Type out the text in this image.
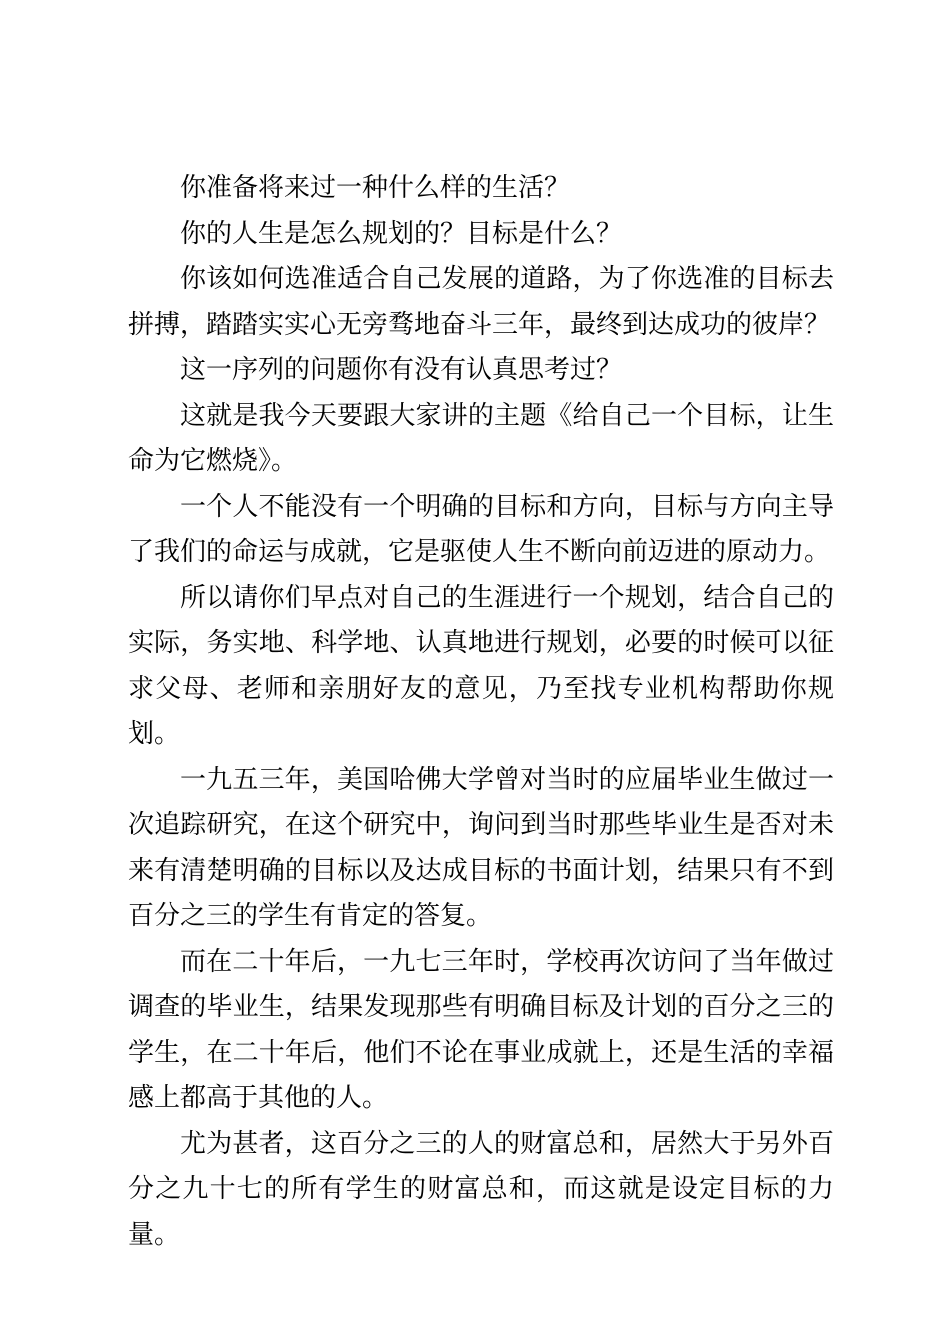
你准备将来过一种什么样的生活？

你的人生是怎么规划的？目标是什么？

你该如何选准适合自己发展的道路，为了你选准的目标去拼搏，踏踏实实心无旁骛地奋斗三年，最终到达成功的彼岸？

这一序列的问题你有没有认真思考过？

这就是我今天要跟大家讲的主题《给自己一个目标，让生命为它燃烧》。

一个人不能没有一个明确的目标和方向，目标与方向主导了我们的命运与成就，它是驱使人生不断向前迈进的原动力。

所以请你们早点对自己的生涯进行一个规划，结合自己的实际，务实地、科学地、认真地进行规划，必要的时候可以征求父母、老师和亲朋好友的意见，乃至找专业机构帮助你规划。

一九五三年，美国哈佛大学曾对当时的应届毕业生做过一次追踪研究，在这个研究中，询问到当时那些毕业生是否对未来有清楚明确的目标以及达成目标的书面计划，结果只有不到百分之三的学生有肯定的答复。

而在二十年后，一九七三年时，学校再次访问了当年做过调查的毕业生，结果发现那些有明确目标及计划的百分之三的学生，在二十年后，他们不论在事业成就上，还是生活的幸福感上都高于其他的人。

尤为甚者，这百分之三的人的财富总和，居然大于另外百分之九十七的所有学生的财富总和，而这就是设定目标的力量。
